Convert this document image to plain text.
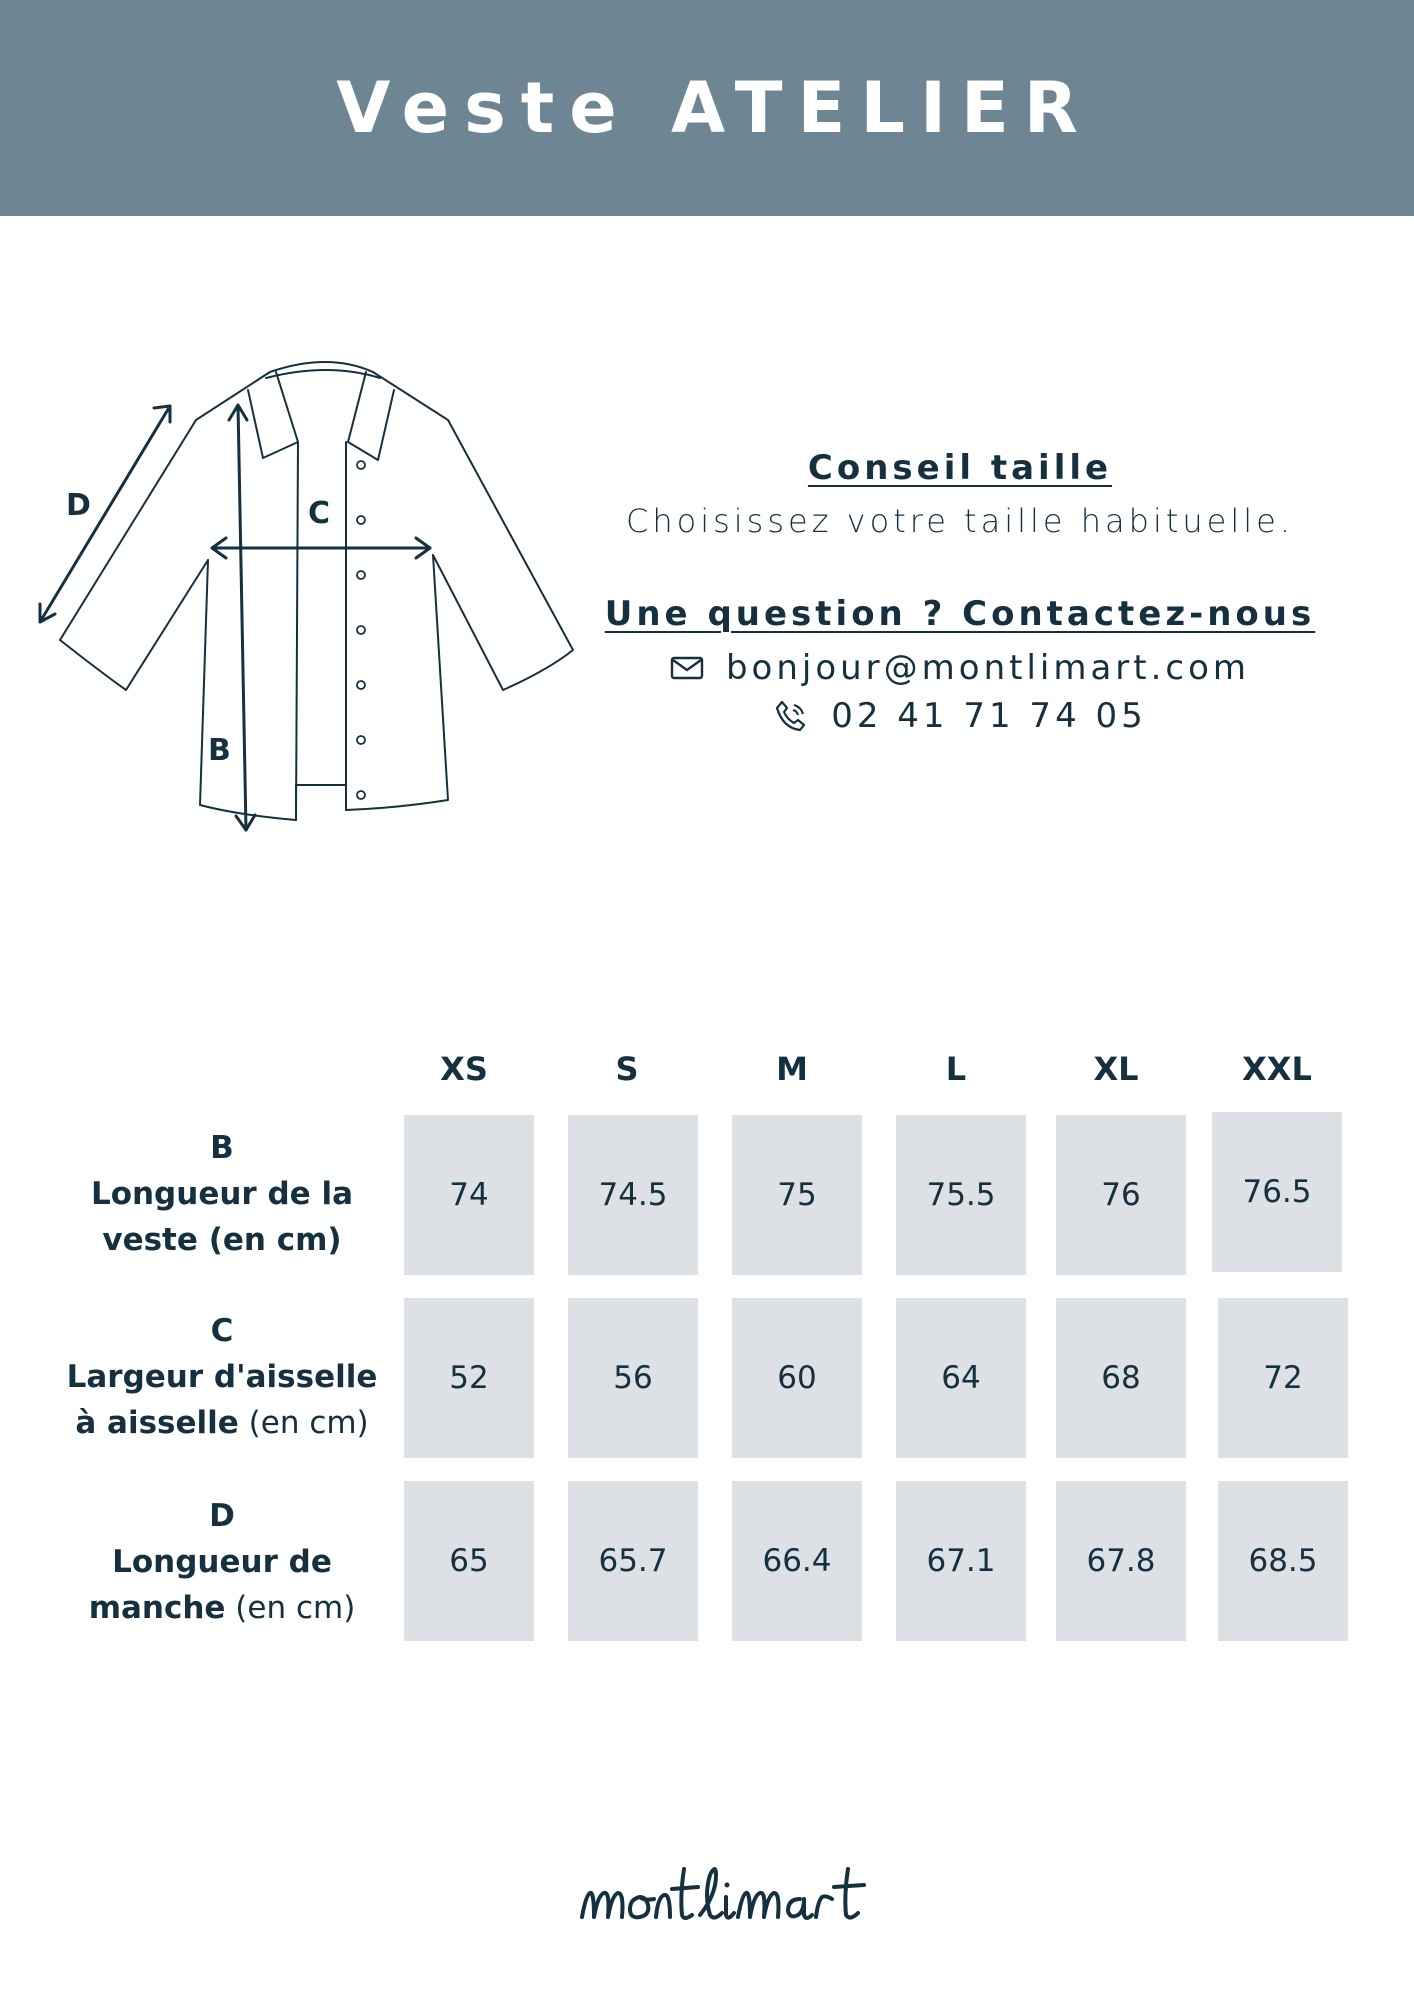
Veste ATELIER
D	C
B

Conseil taille

Choisissez votre taille habituelle.

Une question ? Contactez-nous

bonjour@montlimart.com
02 41 71 74 05
XS	S	M	L	XL	XXL
B
Longueur de la
veste (en cm)
74	74.5	75	75.5	76	76.5
C
Largeur d'aisselle
à aisselle (en cm)
52	56	60	64	68	72
D
Longueur de
manche (en cm)
65	65.7	66.4	67.1	67.8	68.5
